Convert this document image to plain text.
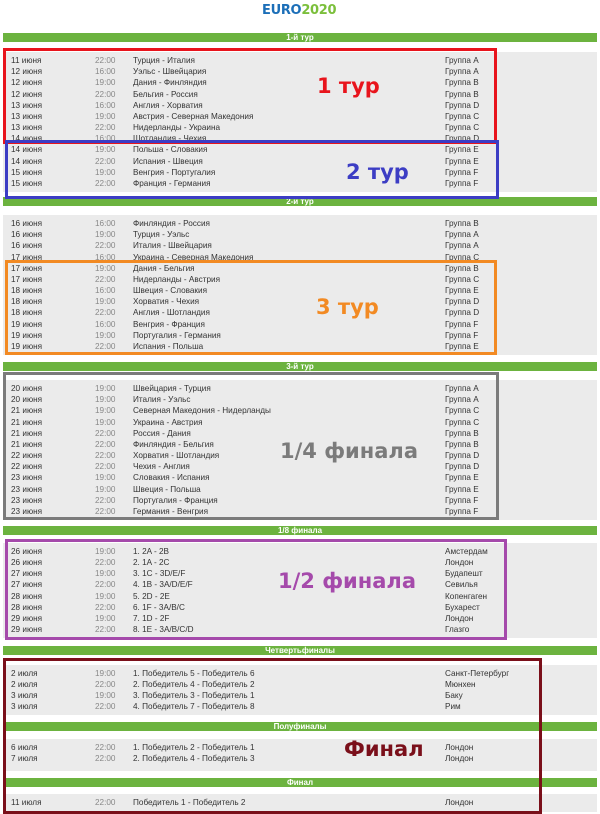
EURO2020
1-й тур
11 июня	22:00 Турция - Италия	Группа A
12 июня	16:00 Уэльс - Швейцария	Группа A
12 июня	19:00 Дания - Финляндия	Группа B
12 июня	22:00 Бельгия - Россия	Группа B
13 июня	16:00 Англия - Хорватия	Группа D
13 июня	19:00 Австрия - Северная Македония	Группа C
13 июня	22:00 Нидерланды - Украина	Группа C
14 июня	16:00 Шотландия - Чехия	Группа D
14 июня	19:00 Польша - Словакия	Группа E
14 июня	22:00 Испания - Швеция	Группа E
15 июня	19:00 Венгрия - Португалия	Группа F
15 июня	22:00 Франция - Германия	Группа F
2-й тур
16 июня	16:00 Финляндия - Россия	Группа B
16 июня	19:00 Турция - Уэльс	Группа A
16 июня	22:00 Италия - Швейцария	Группа A
17 июня	16:00 Украина - Северная Македония	Группа C
17 июня	19:00 Дания - Бельгия	Группа B
17 июня	22:00 Нидерланды - Австрия	Группа C
18 июня	16:00 Швеция - Словакия	Группа E
18 июня	19:00 Хорватия - Чехия	Группа D
18 июня	22:00 Англия - Шотландия	Группа D
19 июня	16:00 Венгрия - Франция	Группа F
19 июня	19:00 Португалия - Германия	Группа F
19 июня	22:00 Испания - Польша	Группа E
3-й тур
20 июня	19:00 Швейцария - Турция	Группа A
20 июня	19:00 Италия - Уэльс	Группа A
21 июня	19:00 Северная Македония - Нидерланды	Группа C
21 июня	19:00 Украина - Австрия	Группа C
21 июня	22:00 Россия - Дания	Группа B
21 июня	22:00 Финляндия - Бельгия	Группа B
22 июня	22:00 Хорватия - Шотландия	Группа D
22 июня	22:00 Чехия - Англия	Группа D
23 июня	19:00 Словакия - Испания	Группа E
23 июня	19:00 Швеция - Польша	Группа E
23 июня	22:00 Португалия - Франция	Группа F
23 июня	22:00 Германия - Венгрия	Группа F
1/8 финала
26 июня	19:00 1. 2A - 2B	Амстердам
26 июня	22:00 2. 1A - 2C	Лондон
27 июня	19:00 3. 1C - 3D/E/F	Будапешт
27 июня	22:00 4. 1B - 3A/D/E/F	Севилья
28 июня	19:00 5. 2D - 2E	Копенгаген
28 июня	22:00 6. 1F - 3A/B/C	Бухарест
29 июня	19:00 7. 1D - 2F	Лондон
29 июня	22:00 8. 1E - 3A/B/C/D	Глазго
Четвертьфиналы
2 июля	19:00 1. Победитель 5 - Победитель 6	Санкт-Петербург
2 июля	22:00 2. Победитель 4 - Победитель 2	Мюнхен
3 июля	19:00 3. Победитель 3 - Победитель 1	Баку
3 июля	22:00 4. Победитель 7 - Победитель 8	Рим
Полуфиналы
6 июля	22:00 1. Победитель 2 - Победитель 1	Лондон
7 июля	22:00 2. Победитель 4 - Победитель 3	Лондон
Финал
11 июля	22:00 Победитель 1 - Победитель 2	Лондон
1 тур
2 тур
3 тур
1/4 финала
1/2 финала
Финал
